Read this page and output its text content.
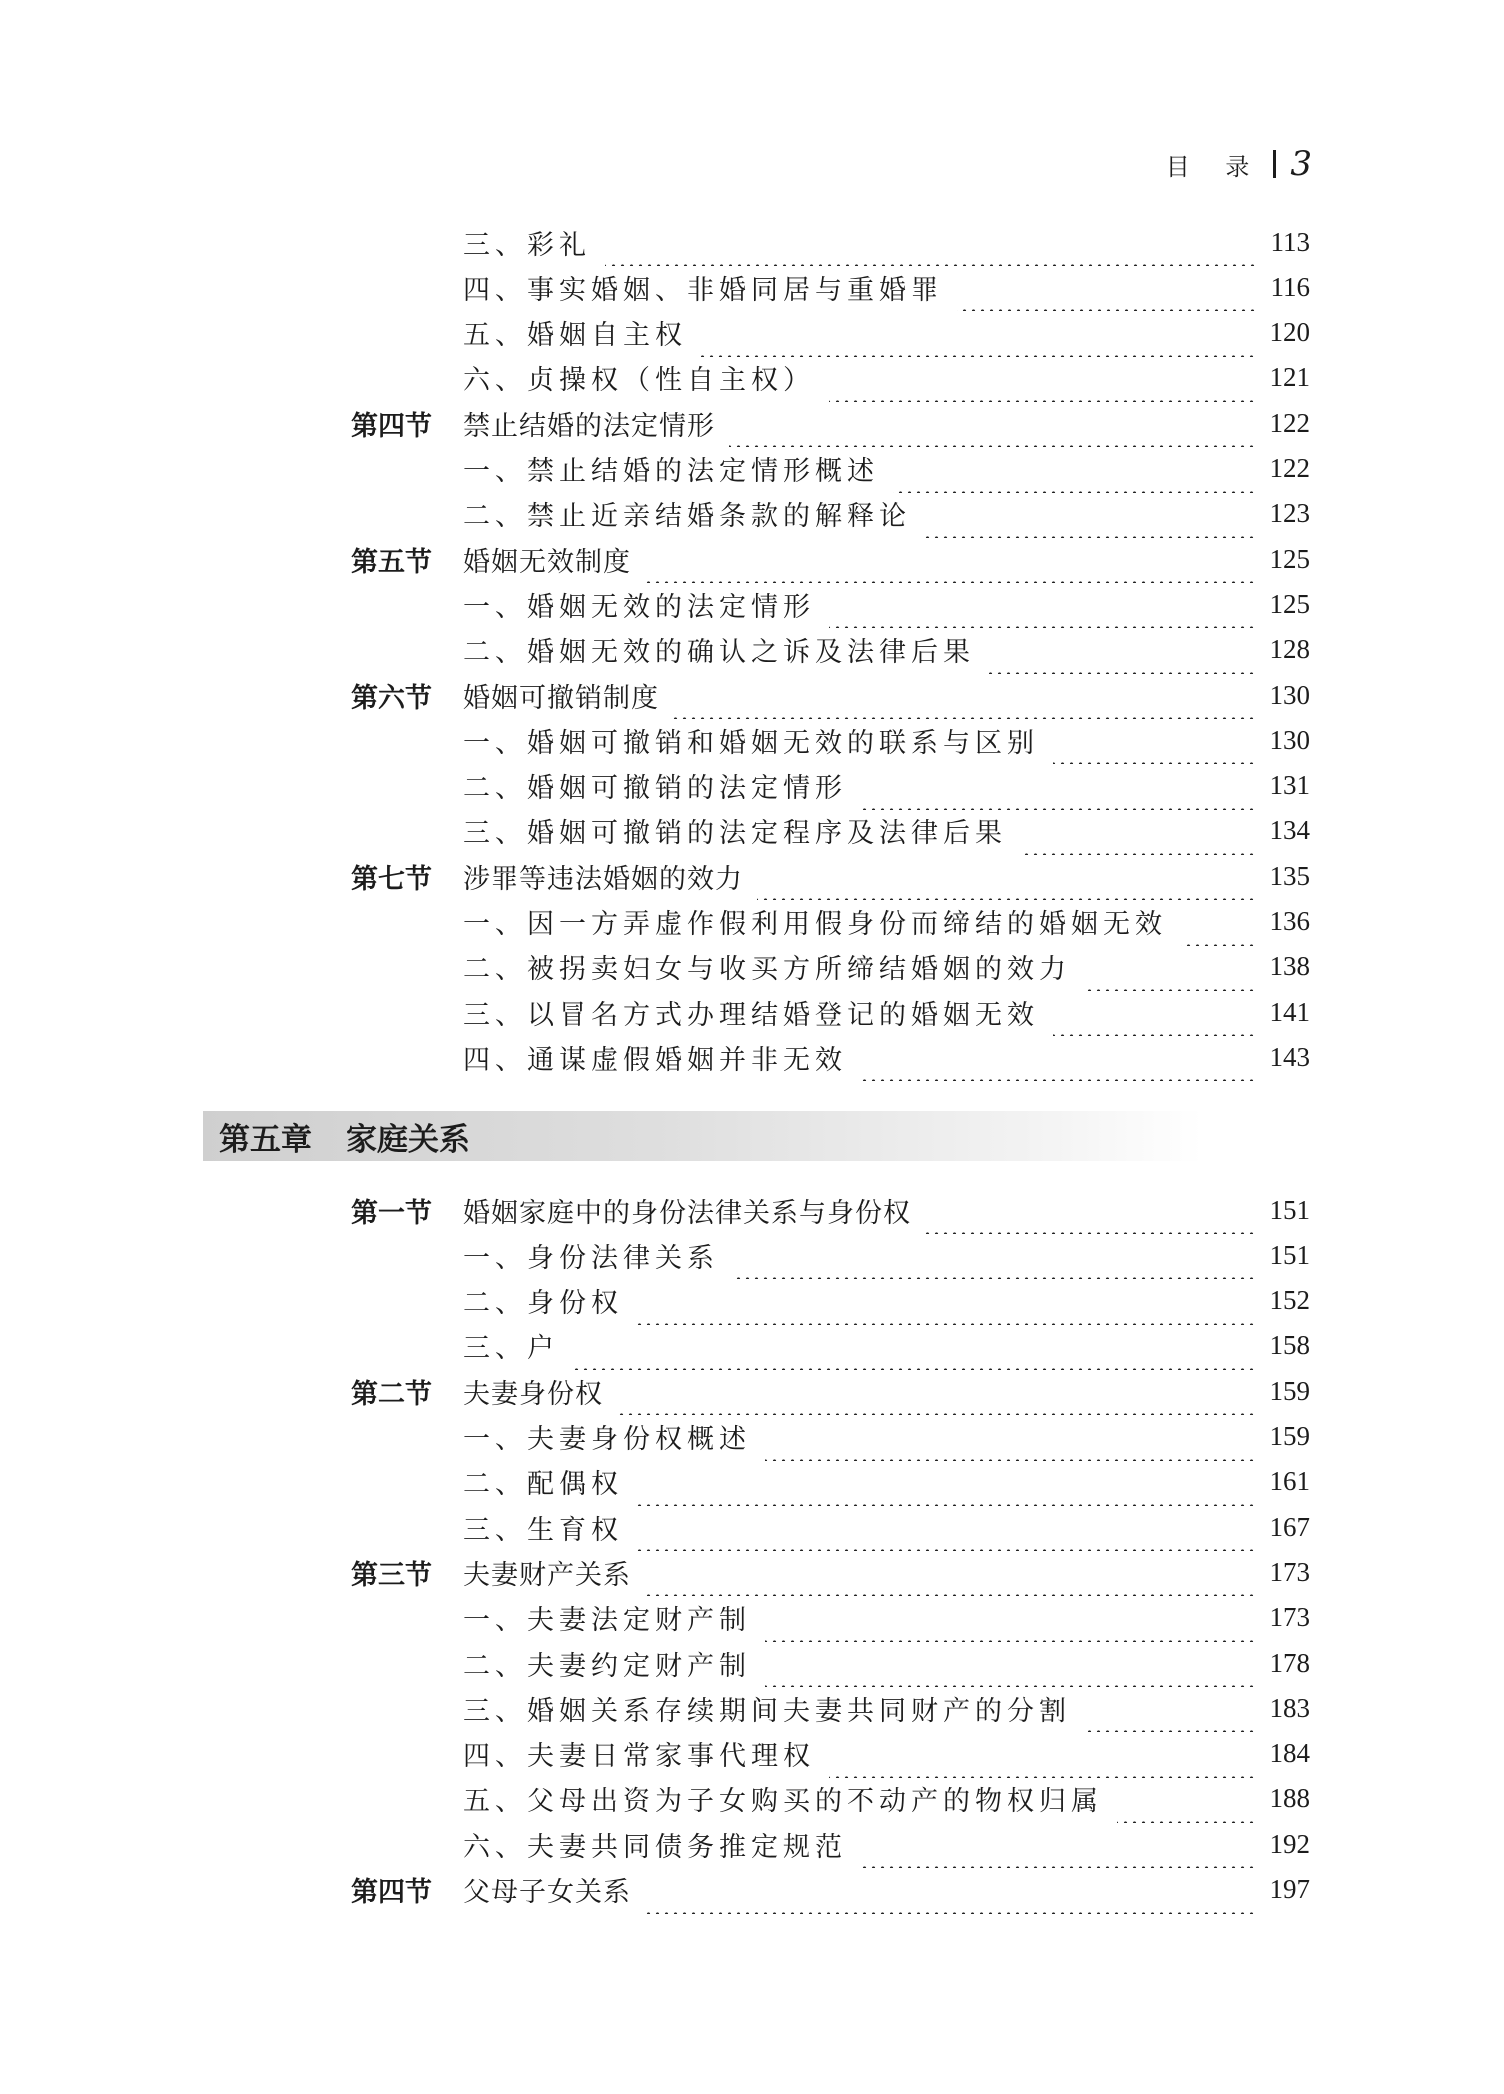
目 录 3
三、彩礼	113
四、事实婚姻、非婚同居与重婚罪	116
五、婚姻自主权	120
六、贞操权（性自主权）	121
第四节 禁止结婚的法定情形	122
一、禁止结婚的法定情形概述	122
二、禁止近亲结婚条款的解释论	123
第五节 婚姻无效制度	125
一、婚姻无效的法定情形	125
二、婚姻无效的确认之诉及法律后果	128
第六节 婚姻可撤销制度	130
一、婚姻可撤销和婚姻无效的联系与区别	130
二、婚姻可撤销的法定情形	131
三、婚姻可撤销的法定程序及法律后果	134
第七节 涉罪等违法婚姻的效力	135
一、因一方弄虚作假利用假身份而缔结的婚姻无效	136
二、被拐卖妇女与收买方所缔结婚姻的效力	138
三、以冒名方式办理结婚登记的婚姻无效	141
四、通谋虚假婚姻并非无效	143
第五章 家庭关系
第一节 婚姻家庭中的身份法律关系与身份权	151
一、身份法律关系	151
二、身份权	152
三、户	158
第二节 夫妻身份权	159
一、夫妻身份权概述	159
二、配偶权	161
三、生育权	167
第三节 夫妻财产关系	173
一、夫妻法定财产制	173
二、夫妻约定财产制	178
三、婚姻关系存续期间夫妻共同财产的分割	183
四、夫妻日常家事代理权	184
五、父母出资为子女购买的不动产的物权归属	188
六、夫妻共同债务推定规范	192
第四节 父母子女关系	197
